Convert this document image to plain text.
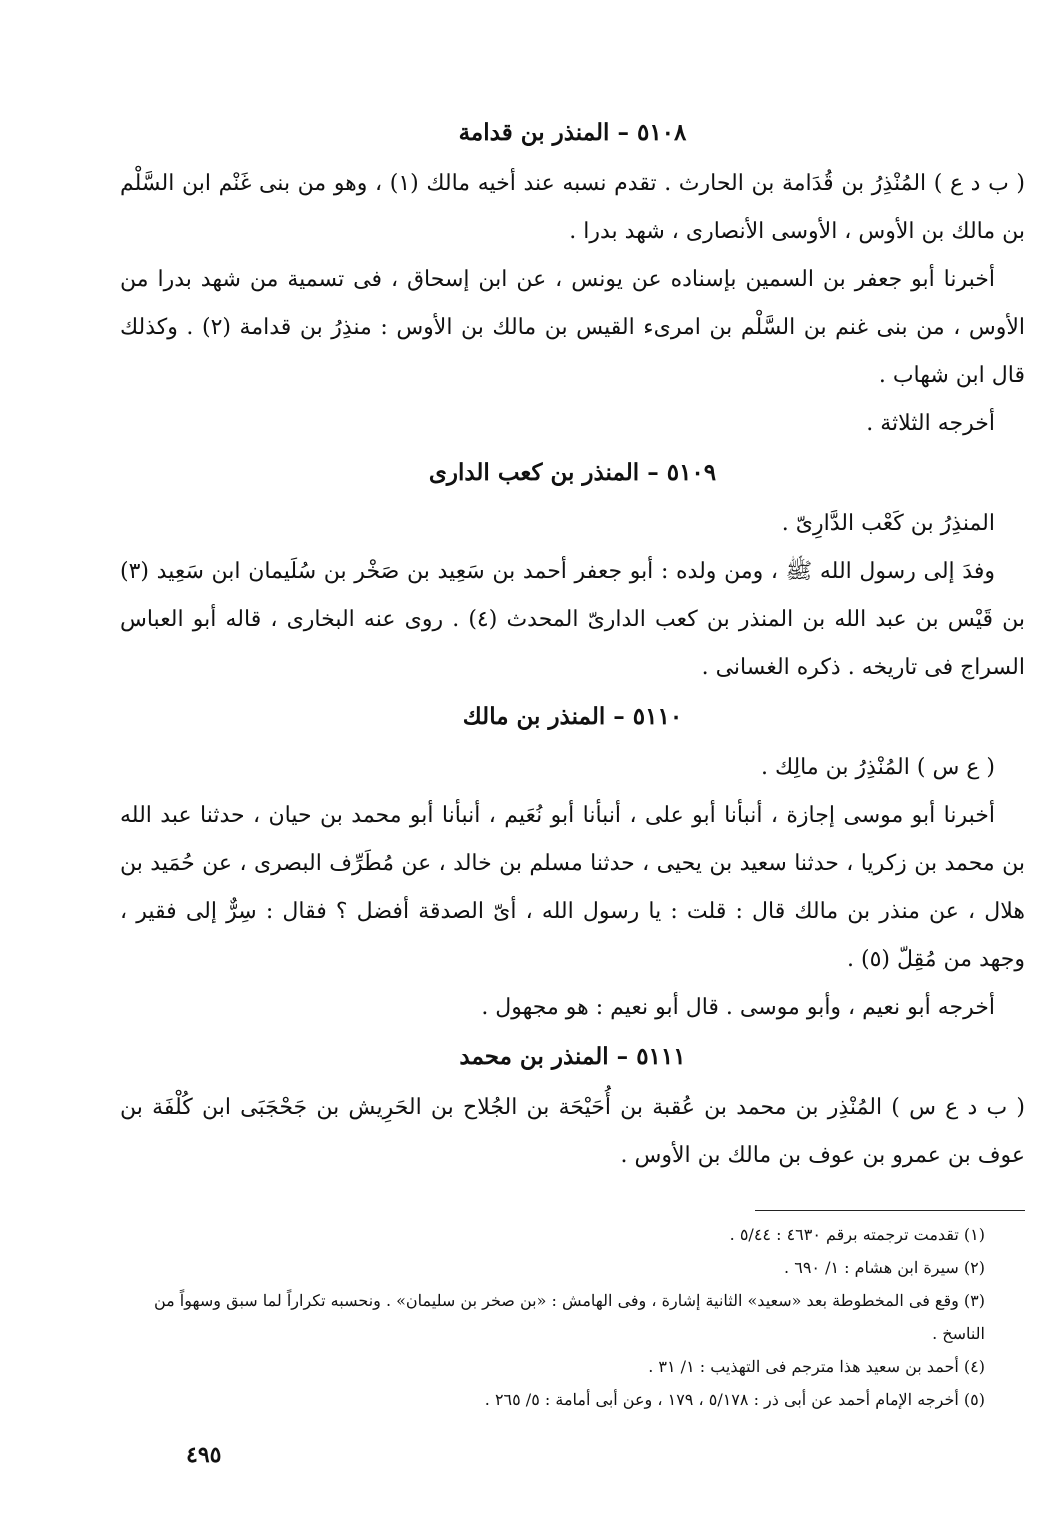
٥١٠٨ – المنذر بن قدامة

( ب د ع ) المُنْذِرُ بن قُدَامة بن الحارث . تقدم نسبه عند أخيه مالك (١) ، وهو من بنى غَنْم ابن السَّلْم بن مالك بن الأوس ، الأوسى الأنصارى ، شهد بدرا .

أخبرنا أبو جعفر بن السمين بإسناده عن يونس ، عن ابن إسحاق ، فى تسمية من شهد بدرا من الأوس ، من بنى غنم بن السَّلْم بن امرىء القيس بن مالك بن الأوس : منذِرُ بن قدامة (٢) . وكذلك قال ابن شهاب .

أخرجه الثلاثة .

٥١٠٩ – المنذر بن كعب الدارى

المنذِرُ بن كَعْب الدَّارِىّ .

وفدَ إلى رسول الله ﷺ ، ومن ولده : أبو جعفر أحمد بن سَعِيد بن صَخْر بن سُلَيمان ابن سَعِيد (٣) بن قَيْس بن عبد الله بن المنذر بن كعب الدارىّ المحدث (٤) . روى عنه البخارى ، قاله أبو العباس السراج فى تاريخه . ذكره الغسانى .

٥١١٠ – المنذر بن مالك

( ع س ) المُنْذِرُ بن مالِك .

أخبرنا أبو موسى إجازة ، أنبأنا أبو على ، أنبأنا أبو نُعَيم ، أنبأنا أبو محمد بن حيان ، حدثنا عبد الله بن محمد بن زكريا ، حدثنا سعيد بن يحيى ، حدثنا مسلم بن خالد ، عن مُطَرِّف البصرى ، عن حُمَيد بن هلال ، عن منذر بن مالك قال : قلت : يا رسول الله ، أىّ الصدقة أفضل ؟ فقال : سِرٌّ إلى فقير ، وجهد من مُقِلّ (٥) .

أخرجه أبو نعيم ، وأبو موسى . قال أبو نعيم : هو مجهول .

٥١١١ – المنذر بن محمد

( ب د ع س ) المُنْذِر بن محمد بن عُقبة بن أُحَيْحَة بن الجُلاح بن الحَرِيش بن جَحْجَبَى ابن كُلْفَة بن عوف بن عمرو بن عوف بن مالك بن الأوس .

(١) تقدمت ترجمته برقم ٤٦٣٠ : ٥/٤٤ .
(٢) سيرة ابن هشام : ١/ ٦٩٠ .
(٣) وقع فى المخطوطة بعد «سعيد» الثانية إشارة ، وفى الهامش : «بن صخر بن سليمان» . ونحسبه تكراراً لما سبق وسهواً من الناسخ .
(٤) أحمد بن سعيد هذا مترجم فى التهذيب : ١/ ٣١ .
(٥) أخرجه الإمام أحمد عن أبى ذر : ٥/١٧٨ ، ١٧٩ ، وعن أبى أمامة : ٥/ ٢٦٥ .
٤٩٥
